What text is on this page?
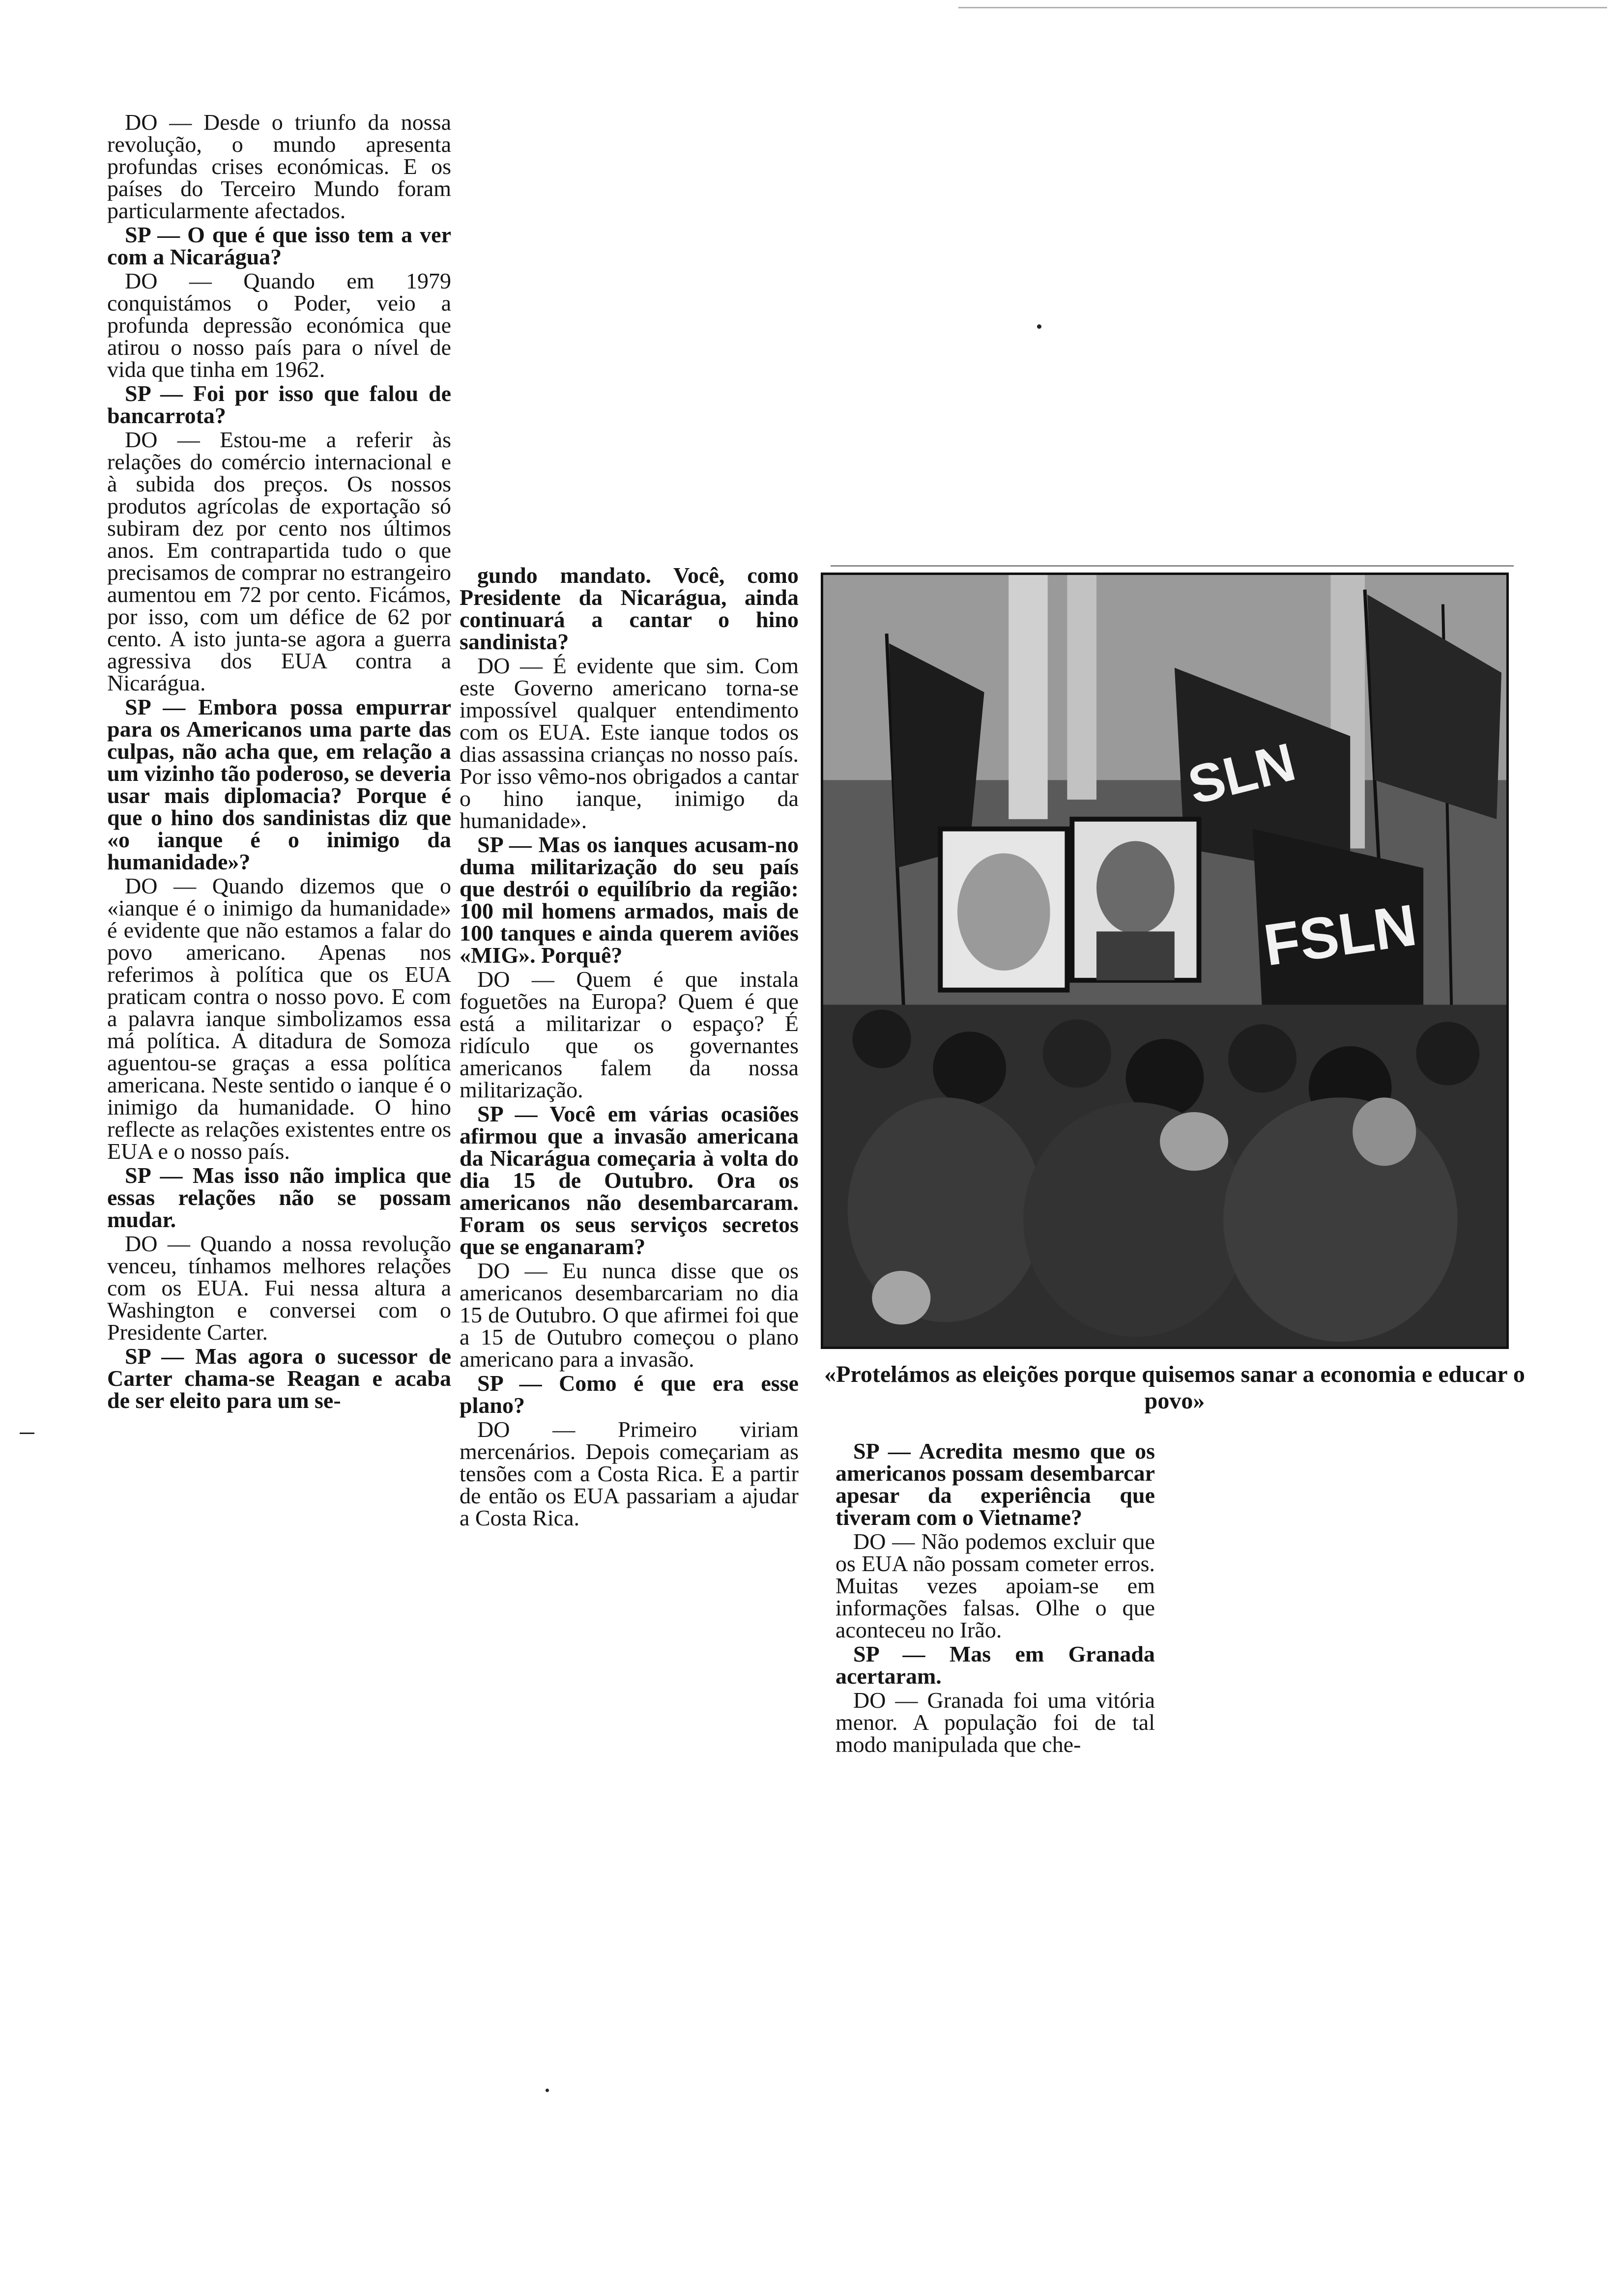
DO — Desde o triunfo da nossa revolução, o mundo apresenta profundas crises económicas. E os países do Terceiro Mundo foram particularmente afectados.

SP — O que é que isso tem a ver com a Nicarágua?

DO — Quando em 1979 conquistámos o Poder, veio a profunda depressão económica que atirou o nosso país para o nível de vida que tinha em 1962.

SP — Foi por isso que falou de bancarrota?

DO — Estou-me a referir às relações do comércio internacional e à subida dos preços. Os nossos produtos agrícolas de exportação só subiram dez por cento nos últimos anos. Em contrapartida tudo o que precisamos de comprar no estrangeiro aumentou em 72 por cento. Ficámos, por isso, com um défice de 62 por cento. A isto junta-se agora a guerra agressiva dos EUA contra a Nicarágua.

SP — Embora possa empurrar para os Americanos uma parte das culpas, não acha que, em relação a um vizinho tão poderoso, se deveria usar mais diplomacia? Porque é que o hino dos sandinistas diz que «o ianque é o inimigo da humanidade»?

DO — Quando dizemos que o «ianque é o inimigo da humanidade» é evidente que não estamos a falar do povo americano. Apenas nos referimos à política que os EUA praticam contra o nosso povo. E com a palavra ianque simbolizamos essa má política. A ditadura de Somoza aguentou-se graças a essa política americana. Neste sentido o ianque é o inimigo da humanidade. O hino reflecte as relações existentes entre os EUA e o nosso país.

SP — Mas isso não implica que essas relações não se possam mudar.

DO — Quando a nossa revolução venceu, tínhamos melhores relações com os EUA. Fui nessa altura a Washington e conversei com o Presidente Carter.

SP — Mas agora o sucessor de Carter chama-se Reagan e acaba de ser eleito para um se-

gundo mandato. Você, como Presidente da Nicarágua, ainda continuará a cantar o hino sandinista?

DO — É evidente que sim. Com este Governo americano torna-se impossível qualquer entendimento com os EUA. Este ianque todos os dias assassina crianças no nosso país. Por isso vêmo-nos obrigados a cantar o hino ianque, inimigo da humanidade».

SP — Mas os ianques acusam-no duma militarização do seu país que destrói o equilíbrio da região: 100 mil homens armados, mais de 100 tanques e ainda querem aviões «MIG». Porquê?

DO — Quem é que instala foguetões na Europa? Quem é que está a militarizar o espaço? É ridículo que os governantes americanos falem da nossa militarização.

SP — Você em várias ocasiões afirmou que a invasão americana da Nicarágua começaria à volta do dia 15 de Outubro. Ora os americanos não desembarcaram. Foram os seus serviços secretos que se enganaram?

DO — Eu nunca disse que os americanos desembarcariam no dia 15 de Outubro. O que afirmei foi que a 15 de Outubro começou o plano americano para a invasão.

SP — Como é que era esse plano?

DO — Primeiro viriam mercenários. Depois começariam as tensões com a Costa Rica. E a partir de então os EUA passariam a ajudar a Costa Rica.

SLN
FSLN
«Protelámos as eleições porque quisemos sanar a economia e educar o povo»

SP — Acredita mesmo que os americanos possam desembarcar apesar da experiência que tiveram com o Vietname?

DO — Não podemos excluir que os EUA não possam cometer erros. Muitas vezes apoiam-se em informações falsas. Olhe o que aconteceu no Irão.

SP — Mas em Granada acertaram.

DO — Granada foi uma vitória menor. A população foi de tal modo manipulada que che-
